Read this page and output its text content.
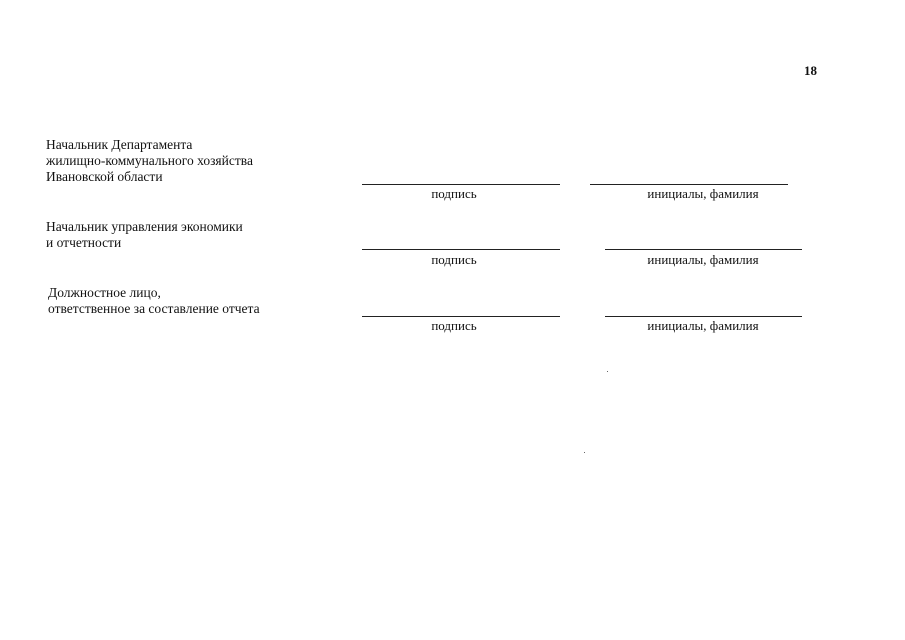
18
Начальник Департамента
жилищно-коммунального хозяйства
Ивановской области
подпись	инициалы, фамилия
Начальник управления экономики
и отчетности
подпись	инициалы, фамилия
Должностное лицо,
ответственное за составление отчета
подпись	инициалы, фамилия
